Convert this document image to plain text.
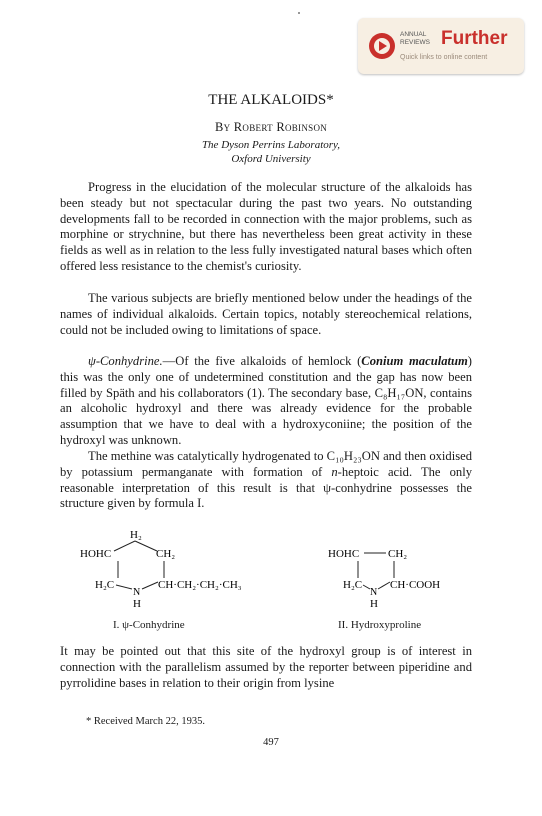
ANNUAL
REVIEWS Further
Quick links to online content
THE ALKALOIDS*
By Robert Robinson
The Dyson Perrins Laboratory,
Oxford University

Progress in the elucidation of the molecular structure of the alkaloids has been steady but not spectacular during the past two years. No outstanding developments fall to be recorded in connection with the major problems, such as morphine or strychnine, but there has nevertheless been great activity in these fields as well as in relation to the less fully investigated natural bases which often offered less resistance to the chemist's curiosity.

The various subjects are briefly mentioned below under the headings of the names of individual alkaloids. Certain topics, notably stereochemical relations, could not be included owing to limitations of space.

ψ-Conhydrine.—Of the five alkaloids of hemlock (Conium maculatum) this was the only one of undetermined constitution and the gap has now been filled by Späth and his collaborators (1). The secondary base, C₈H₁₇ON, contains an alcoholic hydroxyl and there was already evidence for the probable assumption that we have to deal with a hydroxyconiine; the position of the hydroxyl was unknown.

The methine was catalytically hydrogenated to C₁₀H₂₃ON and then oxidised by potassium permanganate with formation of n-heptoic acid. The only reasonable interpretation of this result is that ψ-conhydrine possesses the structure given by formula I.

H₂
HOHC	CH₂
H₂C	CH·CH₂·CH₂·CH₃
N
H
HOHC	CH₂
H₂C	CH·COOH
N
H
I. ψ-Conhydrine	II. Hydroxyproline

It may be pointed out that this site of the hydroxyl group is of interest in connection with the parallelism assumed by the reporter between piperidine and pyrrolidine bases in relation to their origin from lysine

* Received March 22, 1935.
497
